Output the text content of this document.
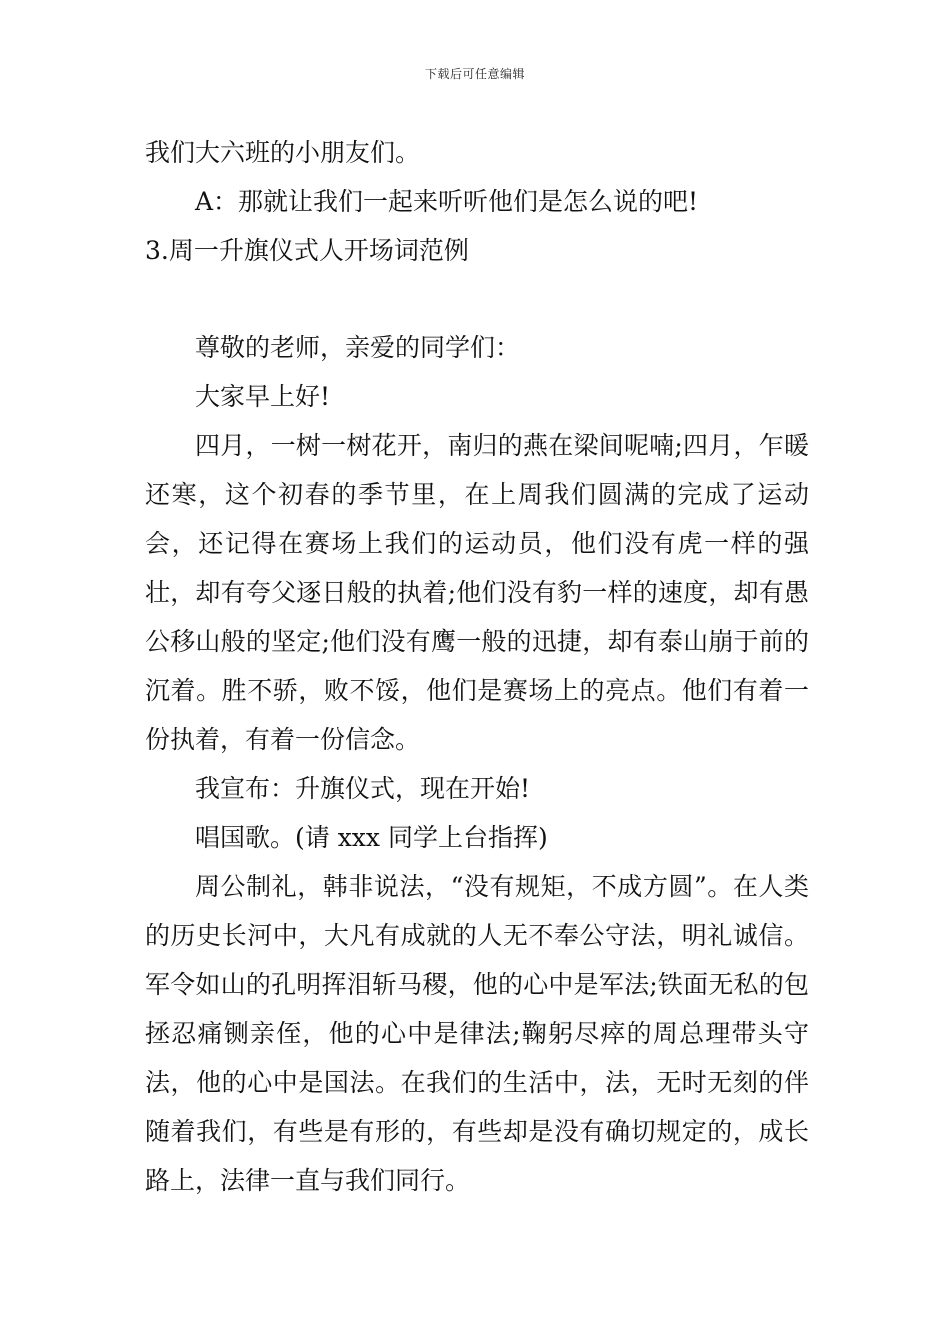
下载后可任意编辑

我们大六班的小朋友们。

A：那就让我们一起来听听他们是怎么说的吧!

3.周一升旗仪式人开场词范例

尊敬的老师，亲爱的同学们：

大家早上好!

四月，一树一树花开，南归的燕在梁间呢喃;四月，乍暖还寒，这个初春的季节里，在上周我们圆满的完成了运动会，还记得在赛场上我们的运动员，他们没有虎一样的强壮，却有夸父逐日般的执着;他们没有豹一样的速度，却有愚公移山般的坚定;他们没有鹰一般的迅捷，却有泰山崩于前的沉着。胜不骄，败不馁，他们是赛场上的亮点。他们有着一份执着，有着一份信念。

我宣布：升旗仪式，现在开始!

唱国歌。(请 xxx 同学上台指挥)

周公制礼，韩非说法，“没有规矩，不成方圆”。在人类的历史长河中，大凡有成就的人无不奉公守法，明礼诚信。军令如山的孔明挥泪斩马稷，他的心中是军法;铁面无私的包拯忍痛铡亲侄，他的心中是律法;鞠躬尽瘁的周总理带头守法，他的心中是国法。在我们的生活中，法，无时无刻的伴随着我们，有些是有形的，有些却是没有确切规定的，成长路上，法律一直与我们同行。
